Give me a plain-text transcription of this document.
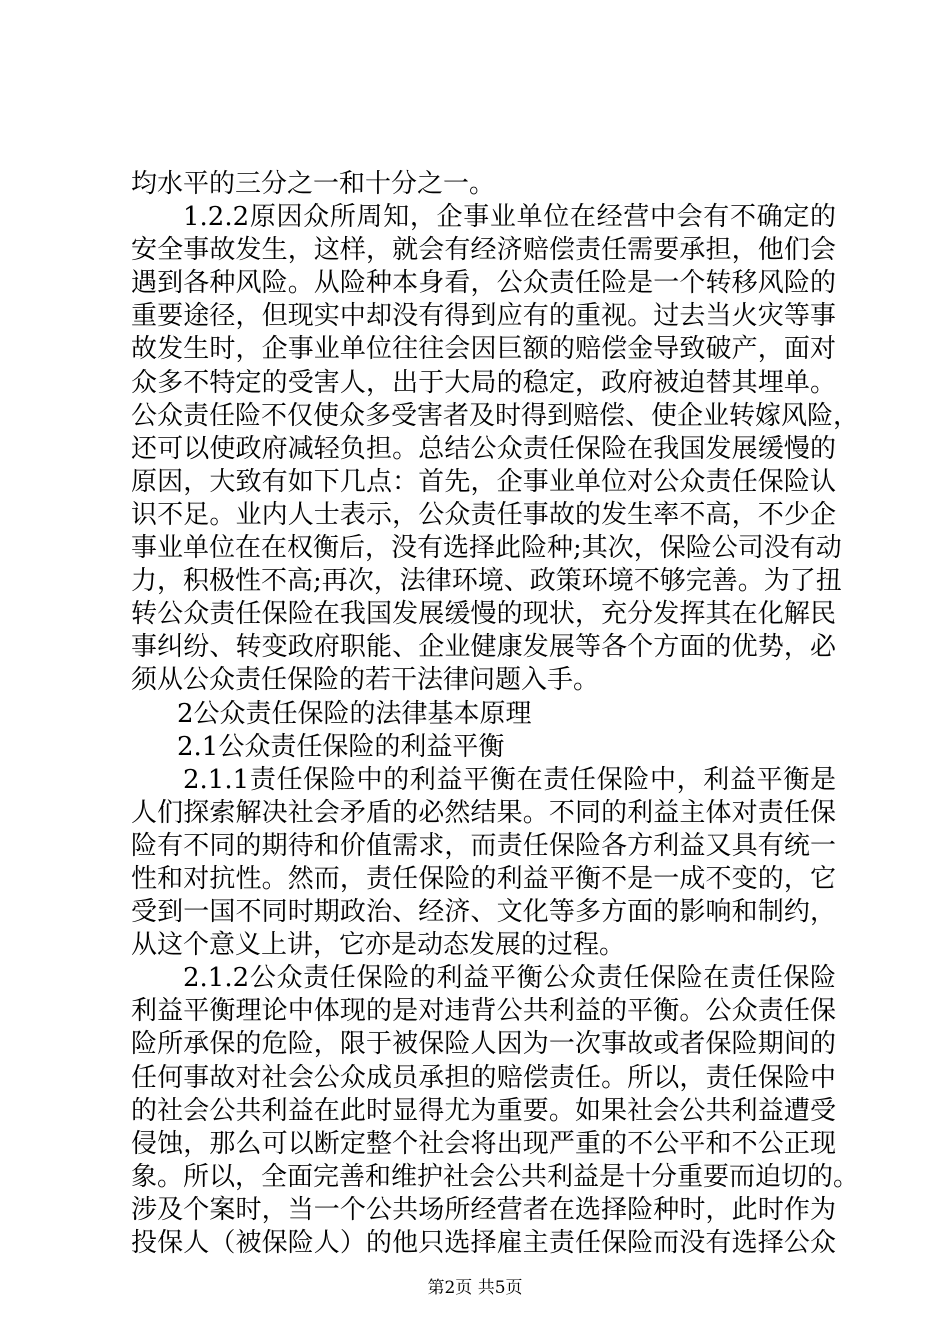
均水平的三分之一和十分之一。
1.2.2原因众所周知，企事业单位在经营中会有不确定的
安全事故发生，这样，就会有经济赔偿责任需要承担，他们会
遇到各种风险。从险种本身看，公众责任险是一个转移风险的
重要途径，但现实中却没有得到应有的重视。过去当火灾等事
故发生时，企事业单位往往会因巨额的赔偿金导致破产，面对
众多不特定的受害人，出于大局的稳定，政府被迫替其埋单。
公众责任险不仅使众多受害者及时得到赔偿、使企业转嫁风险，
还可以使政府减轻负担。总结公众责任保险在我国发展缓慢的
原因，大致有如下几点：首先，企事业单位对公众责任保险认
识不足。业内人士表示，公众责任事故的发生率不高，不少企
事业单位在在权衡后，没有选择此险种;其次，保险公司没有动
力，积极性不高;再次，法律环境、政策环境不够完善。为了扭
转公众责任保险在我国发展缓慢的现状，充分发挥其在化解民
事纠纷、转变政府职能、企业健康发展等各个方面的优势，必
须从公众责任保险的若干法律问题入手。
2公众责任保险的法律基本原理
2.1公众责任保险的利益平衡
2.1.1责任保险中的利益平衡在责任保险中，利益平衡是
人们探索解决社会矛盾的必然结果。不同的利益主体对责任保
险有不同的期待和价值需求，而责任保险各方利益又具有统一
性和对抗性。然而，责任保险的利益平衡不是一成不变的，它
受到一国不同时期政治、经济、文化等多方面的影响和制约，
从这个意义上讲，它亦是动态发展的过程。
2.1.2公众责任保险的利益平衡公众责任保险在责任保险
利益平衡理论中体现的是对违背公共利益的平衡。公众责任保
险所承保的危险，限于被保险人因为一次事故或者保险期间的
任何事故对社会公众成员承担的赔偿责任。所以，责任保险中
的社会公共利益在此时显得尤为重要。如果社会公共利益遭受
侵蚀，那么可以断定整个社会将出现严重的不公平和不公正现
象。所以，全面完善和维护社会公共利益是十分重要而迫切的。
涉及个案时，当一个公共场所经营者在选择险种时，此时作为
投保人（被保险人）的他只选择雇主责任保险而没有选择公众
第2页 共5页
